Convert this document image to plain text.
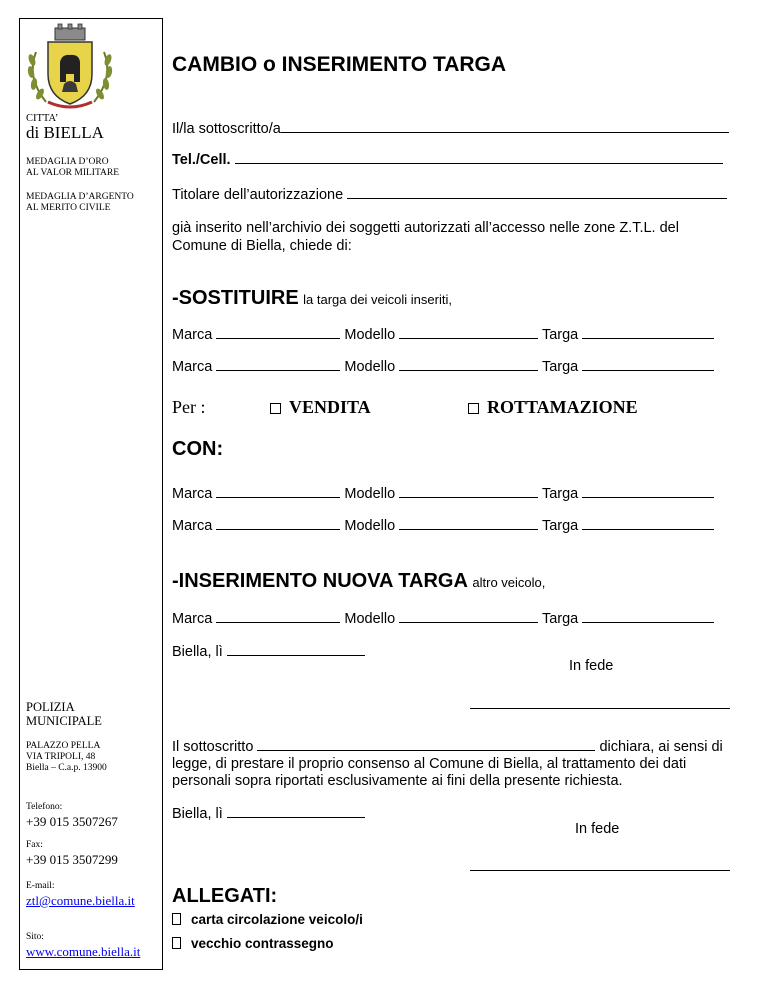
CITTA’
di BIELLA
MEDAGLIA D’ORO
AL VALOR MILITARE
MEDAGLIA D’ARGENTO
AL MERITO CIVILE
POLIZIA
MUNICIPALE
PALAZZO PELLA
VIA TRIPOLI, 48
Biella – C.a.p. 13900
Telefono:
+39 015 3507267
Fax:
+39 015 3507299
E-mail:
ztl@comune.biella.it
Sito:
www.comune.biella.it
CAMBIO o INSERIMENTO TARGA
Il/la sottoscritto/a
Tel./Cell.
Titolare dell’autorizzazione
già inserito nell’archivio dei soggetti autorizzati all’accesso nelle zone Z.T.L. del
Comune di Biella, chiede di:
-SOSTITUIRE la targa dei veicoli inseriti,
Marca	Modello	Targa
Marca	Modello	Targa
Per :	VENDITA	ROTTAMAZIONE
CON:
Marca	Modello	Targa
Marca	Modello	Targa
-INSERIMENTO NUOVA TARGA altro veicolo,
Marca	Modello	Targa
Biella, lì
In fede
Il sottoscritto	dichiara, ai sensi di
legge, di prestare il proprio consenso al Comune di Biella, al trattamento dei dati
personali sopra riportati esclusivamente ai fini della presente richiesta.
Biella, lì
In fede
ALLEGATI:
carta circolazione veicolo/i
vecchio contrassegno
